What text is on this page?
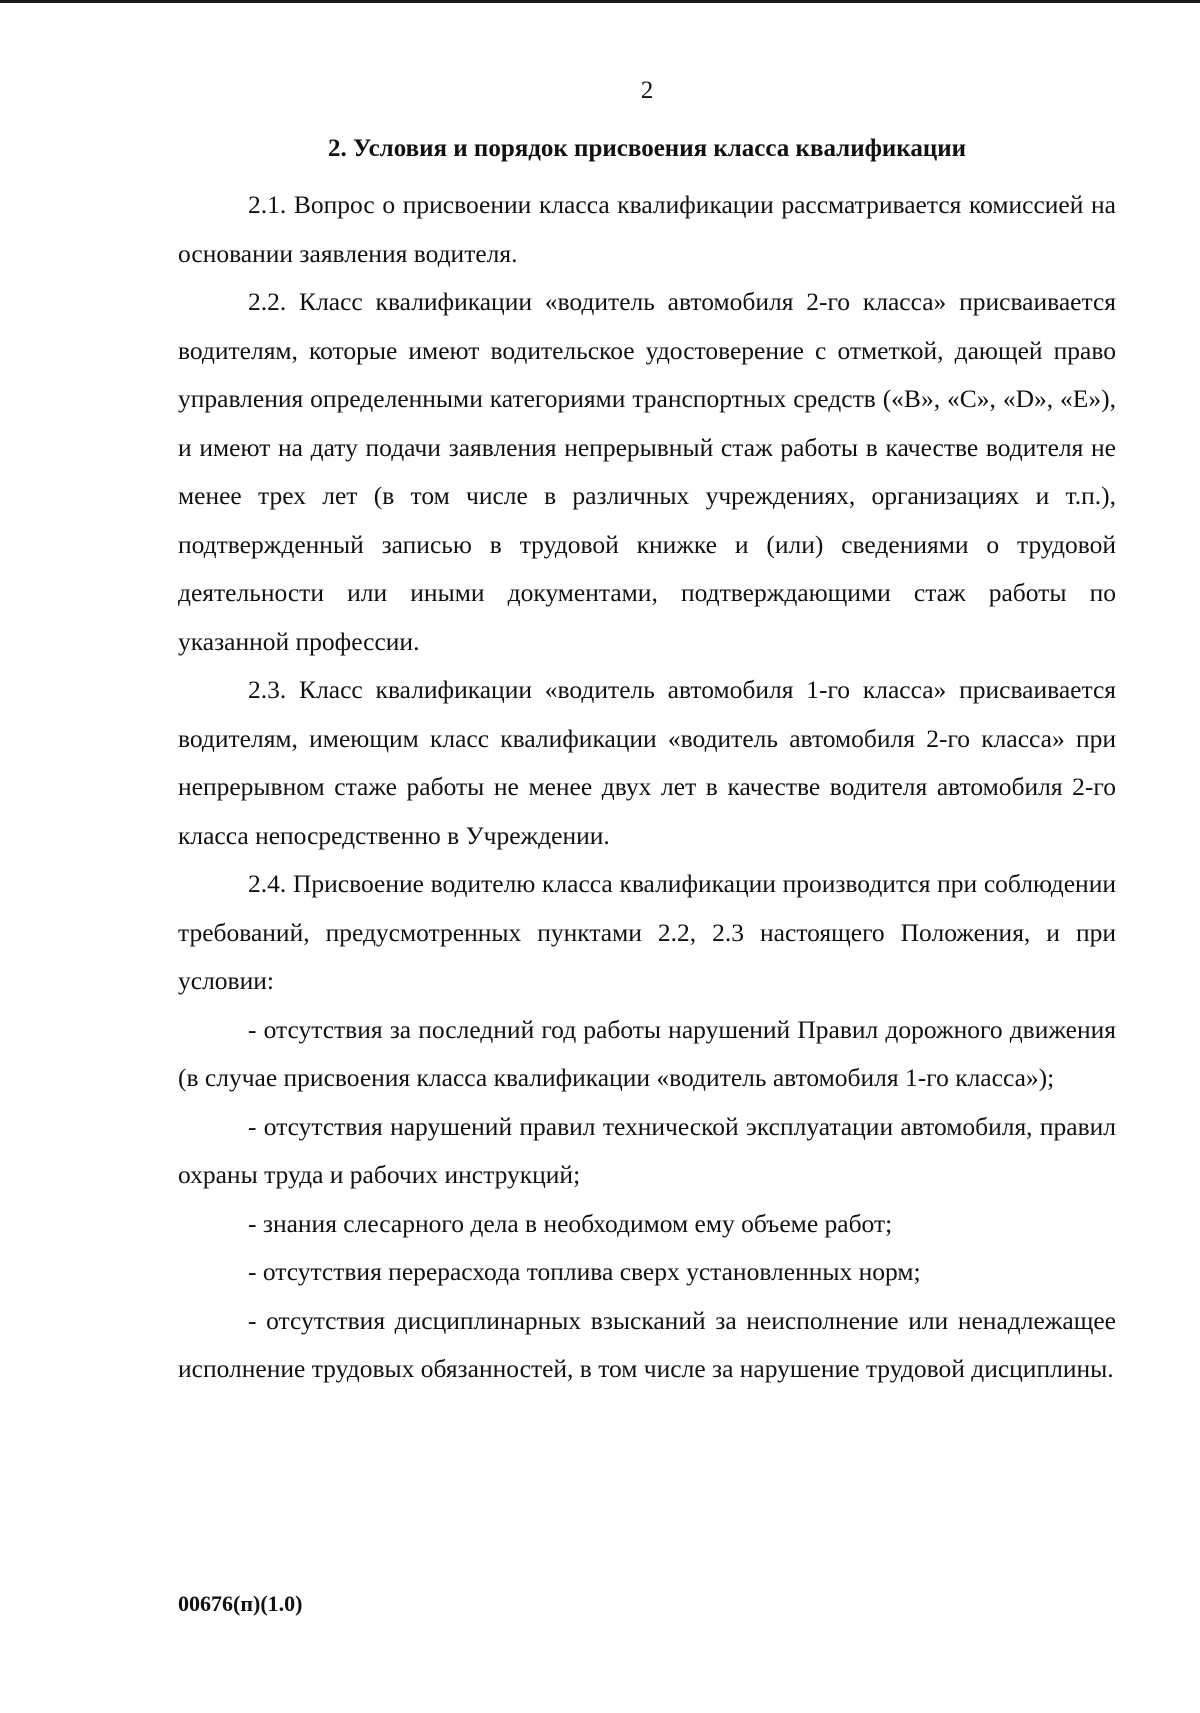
2
2. Условия и порядок присвоения класса квалификации

2.1. Вопрос о присвоении класса квалификации рассматривается комиссией на основании заявления водителя.

2.2. Класс квалификации «водитель автомобиля 2-го класса» присваивается водителям, которые имеют водительское удостоверение с отметкой, дающей право управления определенными категориями транспортных средств («В», «С», «D», «Е»), и имеют на дату подачи заявления непрерывный стаж работы в качестве водителя не менее трех лет (в том числе в различных учреждениях, организациях и т.п.), подтвержденный записью в трудовой книжке и (или) сведениями о трудовой деятельности или иными документами, подтверждающими стаж работы по указанной профессии.

2.3. Класс квалификации «водитель автомобиля 1-го класса» присваивается водителям, имеющим класс квалификации «водитель автомобиля 2-го класса» при непрерывном стаже работы не менее двух лет в качестве водителя автомобиля 2-го класса непосредственно в Учреждении.

2.4. Присвоение водителю класса квалификации производится при соблюдении требований, предусмотренных пунктами 2.2, 2.3 настоящего Положения, и при условии:

- отсутствия за последний год работы нарушений Правил дорожного движения (в случае присвоения класса квалификации «водитель автомобиля 1-го класса»);

- отсутствия нарушений правил технической эксплуатации автомобиля, правил охраны труда и рабочих инструкций;

- знания слесарного дела в необходимом ему объеме работ;

- отсутствия перерасхода топлива сверх установленных норм;

- отсутствия дисциплинарных взысканий за неисполнение или ненадлежащее исполнение трудовых обязанностей, в том числе за нарушение трудовой дисциплины.

00676(п)(1.0)
